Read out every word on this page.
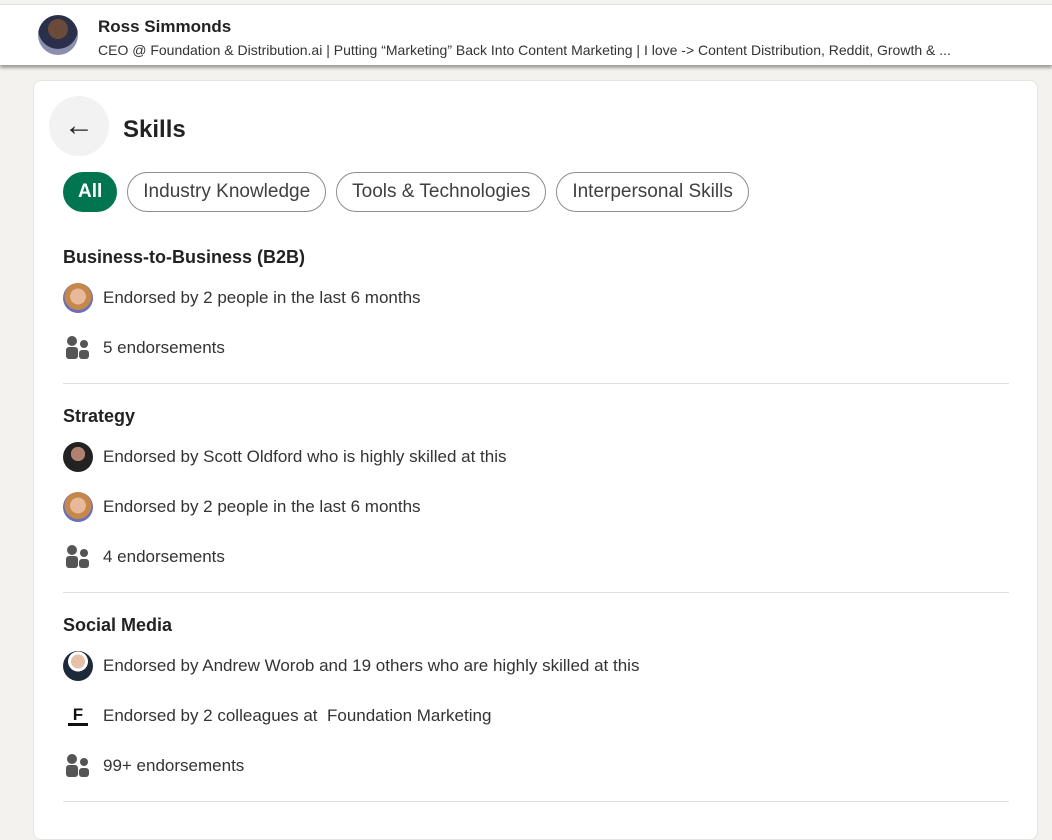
Ross Simmonds
CEO @ Foundation & Distribution.ai | Putting “Marketing” Back Into Content Marketing | I love -> Content Distribution, Reddit, Growth & ...
← Skills
All	Industry Knowledge	Tools & Technologies	Interpersonal Skills
Business-to-Business (B2B)
Endorsed by 2 people in the last 6 months
5 endorsements
Strategy
Endorsed by Scott Oldford who is highly skilled at this
Endorsed by 2 people in the last 6 months
4 endorsements
Social Media
Endorsed by Andrew Worob and 19 others who are highly skilled at this
F Endorsed by 2 colleagues at  Foundation Marketing
99+ endorsements
